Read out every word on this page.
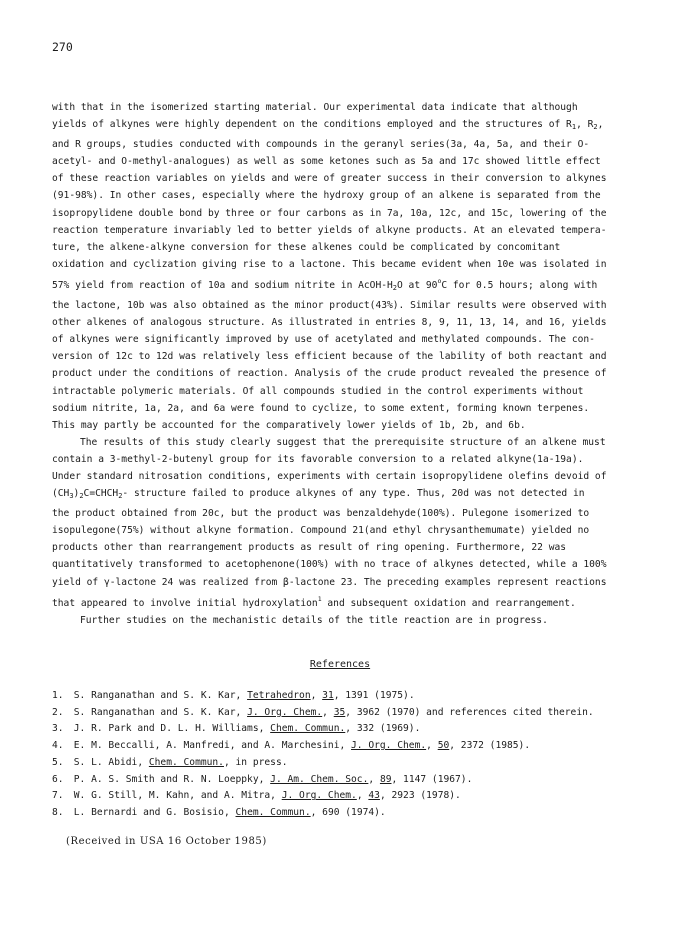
270
with that in the isomerized starting material. Our experimental data indicate that although
yields of alkynes were highly dependent on the conditions employed and the structures of $R_1$, $R_2$,
and R groups, studies conducted with compounds in the geranyl series(3a, 4a, 5a, and their O-
acetyl- and O-methyl-analogues) as well as some ketones such as 5a and 17c showed little effect
of these reaction variables on yields and were of greater success in their conversion to alkynes
(91-98%). In other cases, especially where the hydroxy group of an alkene is separated from the
isopropylidene double bond by three or four carbons as in 7a, 10a, 12c, and 15c, lowering of the
reaction temperature invariably led to better yields of alkyne products. At an elevated tempera-
ture, the alkene-alkyne conversion for these alkenes could be complicated by concomitant
oxidation and cyclization giving rise to a lactone. This became evident when 10e was isolated in
57% yield from reaction of 10a and sodium nitrite in AcOH-$H_2O$ at 90$^o$C for 0.5 hours; along with
the lactone, 10b was also obtained as the minor product(43%). Similar results were observed with
other alkenes of analogous structure. As illustrated in entries 8, 9, 11, 13, 14, and 16, yields
of alkynes were significantly improved by use of acetylated and methylated compounds. The con-
version of 12c to 12d was relatively less efficient because of the lability of both reactant and
product under the conditions of reaction. Analysis of the crude product revealed the presence of
intractable polymeric materials. Of all compounds studied in the control experiments without
sodium nitrite, 1a, 2a, and 6a were found to cyclize, to some extent, forming known terpenes.
This may partly be accounted for the comparatively lower yields of 1b, 2b, and 6b.
The results of this study clearly suggest that the prerequisite structure of an alkene must
contain a 3-methyl-2-butenyl group for its favorable conversion to a related alkyne(1a-19a).
Under standard nitrosation conditions, experiments with certain isopropylidene olefins devoid of
$(CH_3)_2C=CHCH_2-$ structure failed to produce alkynes of any type. Thus, 20d was not detected in
the product obtained from 20c, but the product was benzaldehyde(100%). Pulegone isomerized to
isopulegone(75%) without alkyne formation. Compound 21(and ethyl chrysanthemumate) yielded no
products other than rearrangement products as result of ring opening. Furthermore, 22 was
quantitatively transformed to acetophenone(100%) with no trace of alkynes detected, while a 100%
yield of γ-lactone 24 was realized from β-lactone 23. The preceding examples represent reactions
that appeared to involve initial hydroxylation$^1$ and subsequent oxidation and rearrangement.
Further studies on the mechanistic details of the title reaction are in progress.
References
1. S. Ranganathan and S. K. Kar, Tetrahedron, 31, 1391 (1975).
2. S. Ranganathan and S. K. Kar, J. Org. Chem., 35, 3962 (1970) and references cited therein.
3. J. R. Park and D. L. H. Williams, Chem. Commun., 332 (1969).
4. E. M. Beccalli, A. Manfredi, and A. Marchesini, J. Org. Chem., 50, 2372 (1985).
5. S. L. Abidi, Chem. Commun., in press.
6. P. A. S. Smith and R. N. Loeppky, J. Am. Chem. Soc., 89, 1147 (1967).
7. W. G. Still, M. Kahn, and A. Mitra, J. Org. Chem., 43, 2923 (1978).
8. L. Bernardi and G. Bosisio, Chem. Commun., 690 (1974).
(Received in USA 16 October 1985)
